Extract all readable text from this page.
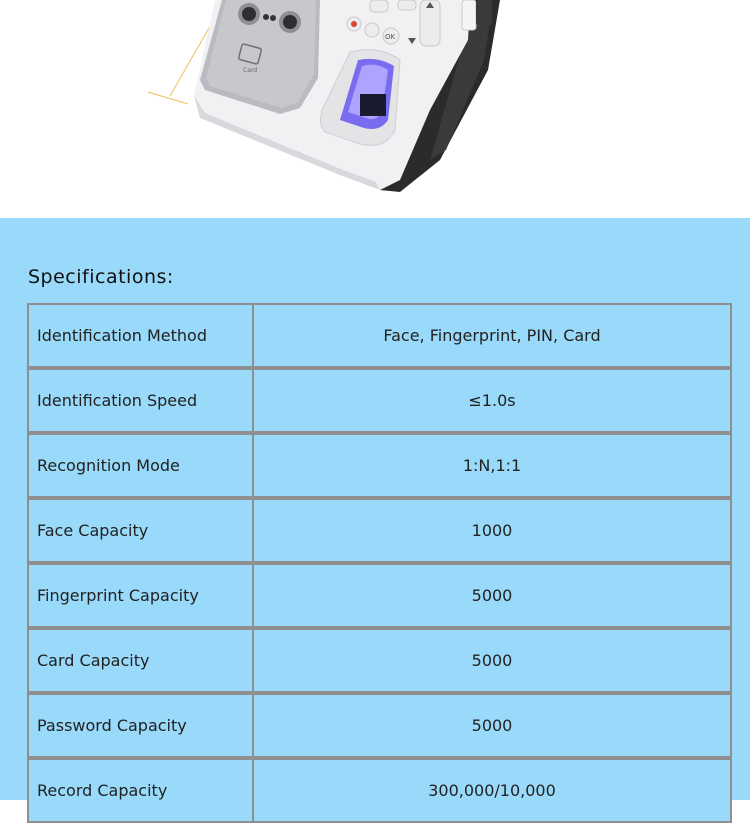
Card
OK
Specifications:
Identification Method	Face, Fingerprint, PIN, Card
Identification Speed	≤1.0s
Recognition Mode	1:N,1:1
Face Capacity	1000
Fingerprint Capacity	5000
Card Capacity	5000
Password Capacity	5000
Record Capacity	300,000/10,000
